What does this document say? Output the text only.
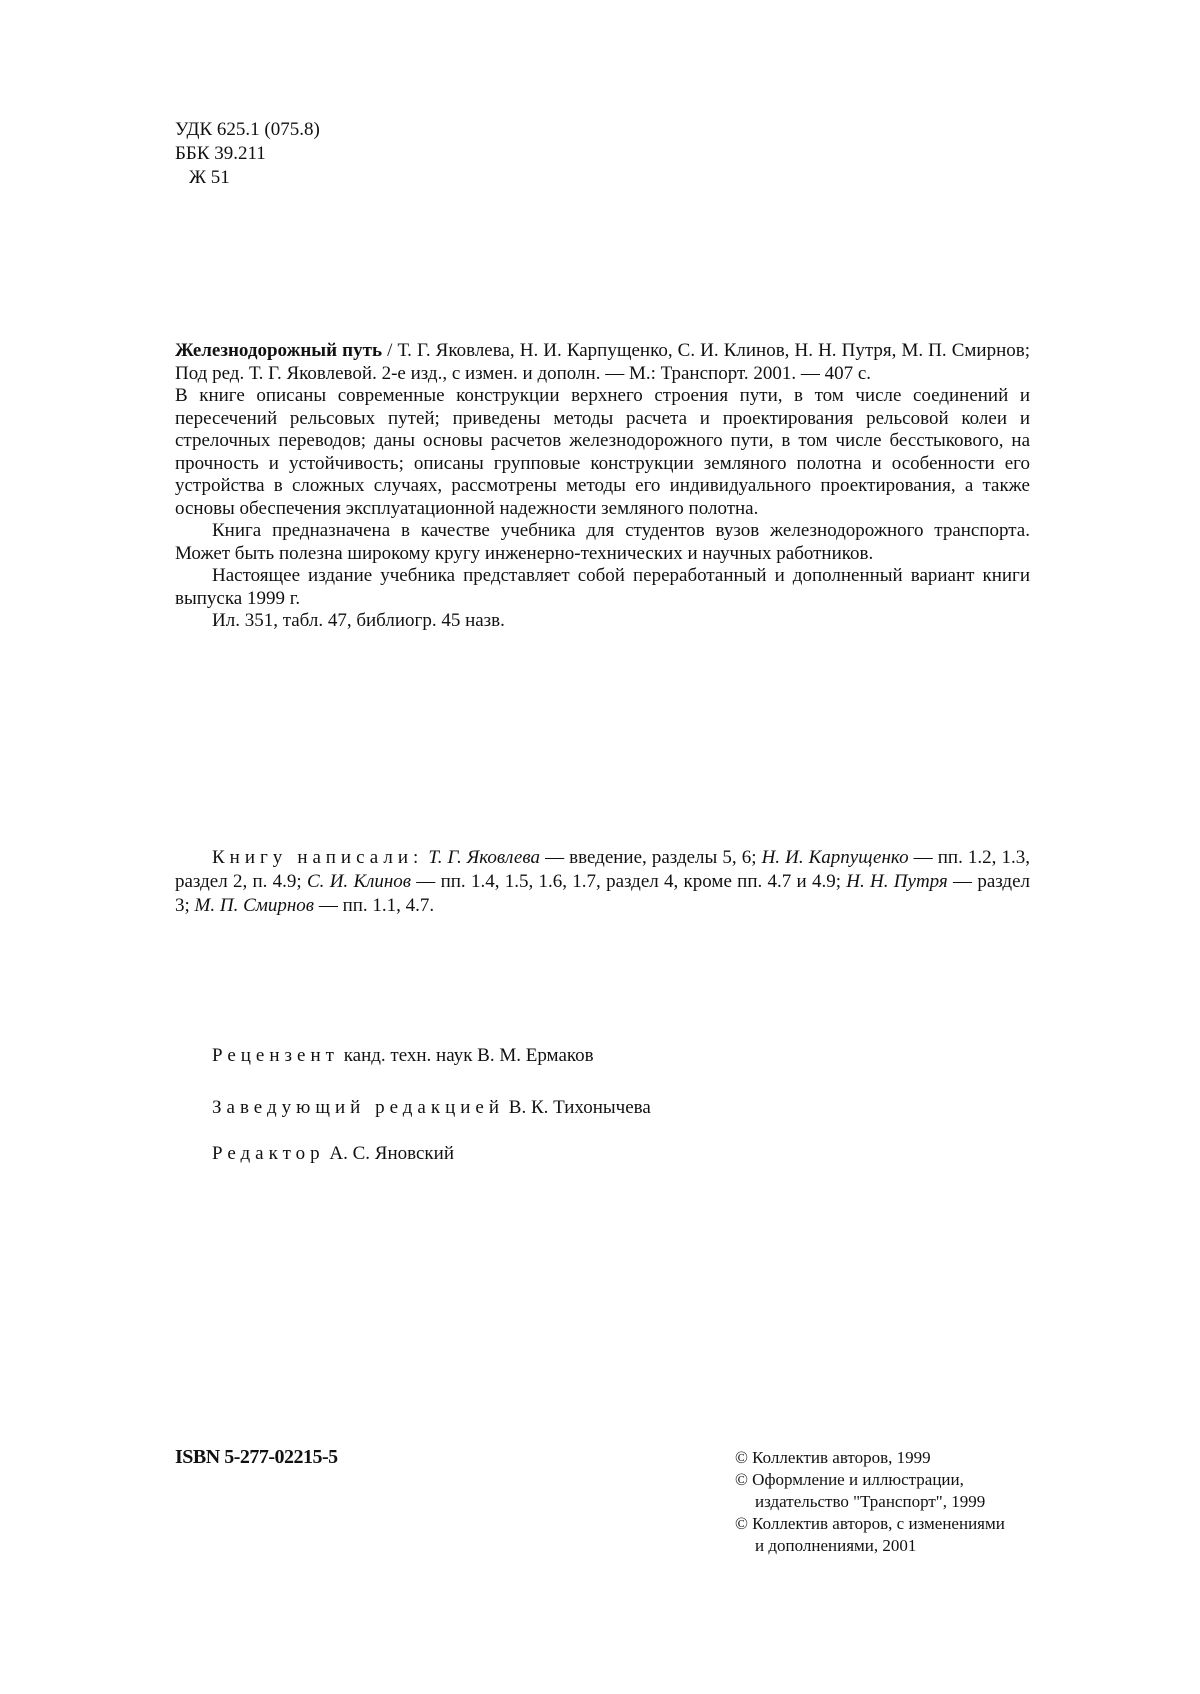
УДК 625.1 (075.8)
ББК 39.211
Ж 51

Железнодорожный путь / Т. Г. Яковлева, Н. И. Карпущенко, С. И. Клинов, Н. Н. Путря, М. П. Смирнов; Под ред. Т. Г. Яковлевой. 2-е изд., с измен. и дополн. — М.: Транспорт. 2001. — 407 с.

В книге описаны современные конструкции верхнего строения пути, в том числе соединений и пересечений рельсовых путей; приведены методы расчета и проектирования рельсовой колеи и стрелочных переводов; даны основы расчетов железнодорожного пути, в том числе бесстыкового, на прочность и устойчивость; описаны групповые конструкции земляного полотна и особенности его устройства в сложных случаях, рассмотрены методы его индивидуального проектирования, а также основы обеспечения эксплуатационной надежности земляного полотна.

Книга предназначена в качестве учебника для студентов вузов железнодорожного транспорта. Может быть полезна широкому кругу инженерно-технических и научных работников.

Настоящее издание учебника представляет собой переработанный и дополненный вариант книги выпуска 1999 г.

Ил. 351, табл. 47, библиогр. 45 назв.

Книгу написали: Т. Г. Яковлева — введение, разделы 5, 6; Н. И. Карпущенко — пп. 1.2, 1.3, раздел 2, п. 4.9; С. И. Клинов — пп. 1.4, 1.5, 1.6, 1.7, раздел 4, кроме пп. 4.7 и 4.9; Н. Н. Путря — раздел 3; М. П. Смирнов — пп. 1.1, 4.7.
Рецензент канд. техн. наук В. М. Ермаков
Заведующий редакцией В. К. Тихонычева
Редактор А. С. Яновский
ISBN 5-277-02215-5	© Коллектив авторов, 1999
© Оформление и иллюстрации,
издательство "Транспорт", 1999
© Коллектив авторов, с изменениями
и дополнениями, 2001
